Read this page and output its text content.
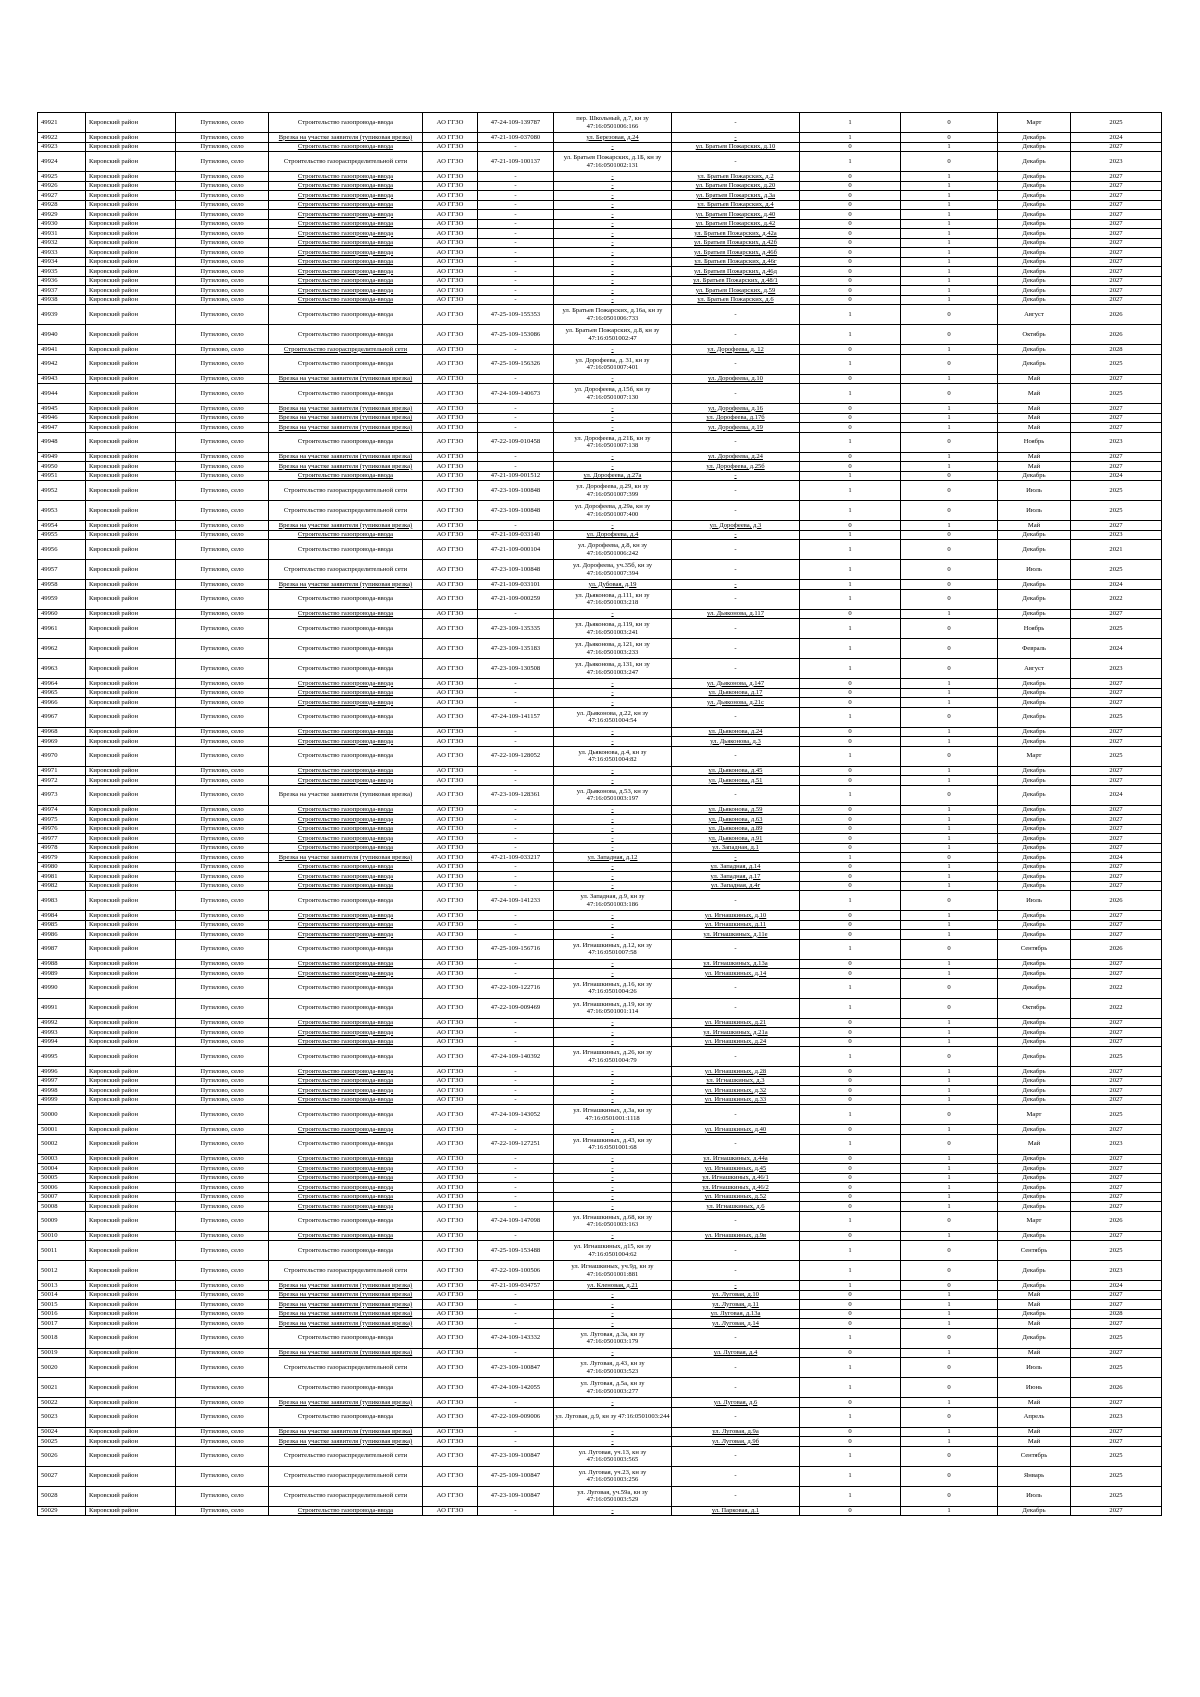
49921	Кировский район	Путилово, село	Строительство газопровода-ввода	АО ГГЗО	47-24-109-139787	пер. Школьный, д.7, кн зу 47:16:0501006:166	-	1	0	Март	2025
49922	Кировский район	Путилово, село	Врезка на участке заявителя (тупиковая врезка)	АО ГГЗО	47-21-109-037080	ул. Березовая, д.24	-	1	0	Декабрь	2024
49923	Кировский район	Путилово, село	Строительство газопровода-ввода	АО ГГЗО	-	-	ул. Братьев Пожарских, д.10	0	1	Декабрь	2027
49924	Кировский район	Путилово, село	Строительство газораспределительной сети	АО ГГЗО	47-21-109-100137	ул. Братьев Пожарских, д.1Б, кн зу 47:16:0501002:131	-	1	0	Декабрь	2023
49925	Кировский район	Путилово, село	Строительство газопровода-ввода	АО ГГЗО	-	-	ул. Братьев Пожарских, д.2	0	1	Декабрь	2027
49926	Кировский район	Путилово, село	Строительство газопровода-ввода	АО ГГЗО	-	-	ул. Братьев Пожарских, д.20	0	1	Декабрь	2027
49927	Кировский район	Путилово, село	Строительство газопровода-ввода	АО ГГЗО	-	-	ул. Братьев Пожарских, д.3а	0	1	Декабрь	2027
49928	Кировский район	Путилово, село	Строительство газопровода-ввода	АО ГГЗО	-	-	ул. Братьев Пожарских, д.4	0	1	Декабрь	2027
49929	Кировский район	Путилово, село	Строительство газопровода-ввода	АО ГГЗО	-	-	ул. Братьев Пожарских, д.40	0	1	Декабрь	2027
49930	Кировский район	Путилово, село	Строительство газопровода-ввода	АО ГГЗО	-	-	ул. Братьев Пожарских, д.42	0	1	Декабрь	2027
49931	Кировский район	Путилово, село	Строительство газопровода-ввода	АО ГГЗО	-	-	ул. Братьев Пожарских, д.42а	0	1	Декабрь	2027
49932	Кировский район	Путилово, село	Строительство газопровода-ввода	АО ГГЗО	-	-	ул. Братьев Пожарских, д.42б	0	1	Декабрь	2027
49933	Кировский район	Путилово, село	Строительство газопровода-ввода	АО ГГЗО	-	-	ул. Братьев Пожарских, д.46б	0	1	Декабрь	2027
49934	Кировский район	Путилово, село	Строительство газопровода-ввода	АО ГГЗО	-	-	ул. Братьев Пожарских, д.46г	0	1	Декабрь	2027
49935	Кировский район	Путилово, село	Строительство газопровода-ввода	АО ГГЗО	-	-	ул. Братьев Пожарских, д.46д	0	1	Декабрь	2027
49936	Кировский район	Путилово, село	Строительство газопровода-ввода	АО ГГЗО	-	-	ул. Братьев Пожарских, д.48/1	0	1	Декабрь	2027
49937	Кировский район	Путилово, село	Строительство газопровода-ввода	АО ГГЗО	-	-	ул. Братьев Пожарских, д.59	0	1	Декабрь	2027
49938	Кировский район	Путилово, село	Строительство газопровода-ввода	АО ГГЗО	-	-	ул. Братьев Пожарских, д.6	0	1	Декабрь	2027
49939	Кировский район	Путилово, село	Строительство газопровода-ввода	АО ГГЗО	47-25-109-155353	ул. Братьев Пожарских, д.16а, кн зу 47:16:0501006:733	-	1	0	Август	2026
49940	Кировский район	Путилово, село	Строительство газопровода-ввода	АО ГГЗО	47-25-109-153086	ул. Братьев Пожарских, д.8, кн зу 47:16:0501002:47	-	1	0	Октябрь	2026
49941	Кировский район	Путилово, село	Строительство газораспределительной сети	АО ГГЗО	-	-	ул. Дорофеева, д. 12	0	1	Декабрь	2028
49942	Кировский район	Путилово, село	Строительство газопровода-ввода	АО ГГЗО	47-25-109-156326	ул. Дорофеева, д. 31, кн зу 47:16:0501007:401	-	1	0	Декабрь	2025
49943	Кировский район	Путилово, село	Врезка на участке заявителя (тупиковая врезка)	АО ГГЗО	-	-	ул. Дорофеева, д.10	0	1	Май	2027
49944	Кировский район	Путилово, село	Строительство газопровода-ввода	АО ГГЗО	47-24-109-140673	ул. Дорофеева, д.15б, кн зу 47:16:0501007:130	-	1	0	Май	2025
49945	Кировский район	Путилово, село	Врезка на участке заявителя (тупиковая врезка)	АО ГГЗО	-	-	ул. Дорофеева, д.16	0	1	Май	2027
49946	Кировский район	Путилово, село	Врезка на участке заявителя (тупиковая врезка)	АО ГГЗО	-	-	ул. Дорофеева, д.17б	0	1	Май	2027
49947	Кировский район	Путилово, село	Врезка на участке заявителя (тупиковая врезка)	АО ГГЗО	-	-	ул. Дорофеева, д.19	0	1	Май	2027
49948	Кировский район	Путилово, село	Строительство газопровода-ввода	АО ГГЗО	47-22-109-010458	ул. Дорофеева, д.21Б, кн зу 47:16:0501007:138	-	1	0	Ноябрь	2023
49949	Кировский район	Путилово, село	Врезка на участке заявителя (тупиковая врезка)	АО ГГЗО	-	-	ул. Дорофеева, д.24	0	1	Май	2027
49950	Кировский район	Путилово, село	Врезка на участке заявителя (тупиковая врезка)	АО ГГЗО	-	-	ул. Дорофеева, д.25б	0	1	Май	2027
49951	Кировский район	Путилово, село	Строительство газопровода-ввода	АО ГГЗО	47-21-109-001512	ул. Дорофеева, д.27а	-	1	0	Декабрь	2024
49952	Кировский район	Путилово, село	Строительство газораспределительной сети	АО ГГЗО	47-23-109-100848	ул. Дорофеева, д.29, кн зу 47:16:0501007:399	-	1	0	Июль	2025
49953	Кировский район	Путилово, село	Строительство газораспределительной сети	АО ГГЗО	47-23-109-100848	ул. Дорофеева, д.29а, кн зу 47:16:0501007:400	-	1	0	Июль	2025
49954	Кировский район	Путилово, село	Врезка на участке заявителя (тупиковая врезка)	АО ГГЗО	-	-	ул. Дорофеева, д.3	0	1	Май	2027
49955	Кировский район	Путилово, село	Строительство газопровода-ввода	АО ГГЗО	47-21-109-033140	ул. Дорофеева, д.4	-	1	0	Декабрь	2023
49956	Кировский район	Путилово, село	Строительство газопровода-ввода	АО ГГЗО	47-21-109-000104	ул. Дорофеева, д.8, кн зу 47:16:0501006:242	-	1	0	Декабрь	2021
49957	Кировский район	Путилово, село	Строительство газораспределительной сети	АО ГГЗО	47-23-109-100848	ул. Дорофеева, уч.35б, кн зу 47:16:0501007:394	-	1	0	Июль	2025
49958	Кировский район	Путилово, село	Врезка на участке заявителя (тупиковая врезка)	АО ГГЗО	47-21-109-033101	ул. Дубовая, д.19	-	1	0	Декабрь	2024
49959	Кировский район	Путилово, село	Строительство газопровода-ввода	АО ГГЗО	47-21-109-000259	ул. Дьяконова, д.111, кн зу 47:16:0501003:218	-	1	0	Декабрь	2022
49960	Кировский район	Путилово, село	Строительство газопровода-ввода	АО ГГЗО	-	-	ул. Дьяконова, д.117	0	1	Декабрь	2027
49961	Кировский район	Путилово, село	Строительство газопровода-ввода	АО ГГЗО	47-23-109-135335	ул. Дьяконова, д.119, кн зу 47:16:0501003:241	-	1	0	Ноябрь	2025
49962	Кировский район	Путилово, село	Строительство газопровода-ввода	АО ГГЗО	47-23-109-135183	ул. Дьяконова, д.121, кн зу 47:16:0501003:233	-	1	0	Февраль	2024
49963	Кировский район	Путилово, село	Строительство газопровода-ввода	АО ГГЗО	47-23-109-130508	ул. Дьяконова, д.131, кн зу 47:16:0501003:247	-	1	0	Август	2023
49964	Кировский район	Путилово, село	Строительство газопровода-ввода	АО ГГЗО	-	-	ул. Дьяконова, д.147	0	1	Декабрь	2027
49965	Кировский район	Путилово, село	Строительство газопровода-ввода	АО ГГЗО	-	-	ул. Дьяконова, д.17	0	1	Декабрь	2027
49966	Кировский район	Путилово, село	Строительство газопровода-ввода	АО ГГЗО	-	-	ул. Дьяконова, д.21с	0	1	Декабрь	2027
49967	Кировский район	Путилово, село	Строительство газопровода-ввода	АО ГГЗО	47-24-109-141157	ул. Дьяконова, д.22, кн зу 47:16:0501004:54	-	1	0	Декабрь	2025
49968	Кировский район	Путилово, село	Строительство газопровода-ввода	АО ГГЗО	-	-	ул. Дьяконова, д.24	0	1	Декабрь	2027
49969	Кировский район	Путилово, село	Строительство газопровода-ввода	АО ГГЗО	-	-	ул. Дьяконова, д.3	0	1	Декабрь	2027
49970	Кировский район	Путилово, село	Строительство газопровода-ввода	АО ГГЗО	47-22-109-128052	ул. Дьяконова, д.4, кн зу 47:16:0501004:82	-	1	0	Март	2025
49971	Кировский район	Путилово, село	Строительство газопровода-ввода	АО ГГЗО	-	-	ул. Дьяконова, д.45	0	1	Декабрь	2027
49972	Кировский район	Путилово, село	Строительство газопровода-ввода	АО ГГЗО	-	-	ул. Дьяконова, д.51	0	1	Декабрь	2027
49973	Кировский район	Путилово, село	Врезка на участке заявителя (тупиковая врезка)	АО ГГЗО	47-23-109-128361	ул. Дьяконова, д.53, кн зу 47:16:0501003:197	-	1	0	Декабрь	2024
49974	Кировский район	Путилово, село	Строительство газопровода-ввода	АО ГГЗО	-	-	ул. Дьяконова, д.59	0	1	Декабрь	2027
49975	Кировский район	Путилово, село	Строительство газопровода-ввода	АО ГГЗО	-	-	ул. Дьяконова, д.63	0	1	Декабрь	2027
49976	Кировский район	Путилово, село	Строительство газопровода-ввода	АО ГГЗО	-	-	ул. Дьяконова, д.89	0	1	Декабрь	2027
49977	Кировский район	Путилово, село	Строительство газопровода-ввода	АО ГГЗО	-	-	ул. Дьяконова, д.91	0	1	Декабрь	2027
49978	Кировский район	Путилово, село	Строительство газопровода-ввода	АО ГГЗО	-	-	ул. Западная, д.1	0	1	Декабрь	2027
49979	Кировский район	Путилово, село	Врезка на участке заявителя (тупиковая врезка)	АО ГГЗО	47-21-109-033217	ул. Западная, д.12	-	1	0	Декабрь	2024
49980	Кировский район	Путилово, село	Строительство газопровода-ввода	АО ГГЗО	-	-	ул. Западная, д.14	0	1	Декабрь	2027
49981	Кировский район	Путилово, село	Строительство газопровода-ввода	АО ГГЗО	-	-	ул. Западная, д.17	0	1	Декабрь	2027
49982	Кировский район	Путилово, село	Строительство газопровода-ввода	АО ГГЗО	-	-	ул. Западная, д.4г	0	1	Декабрь	2027
49983	Кировский район	Путилово, село	Строительство газопровода-ввода	АО ГГЗО	47-24-109-141233	ул. Западная, д.9, кн зу 47:16:0501003:186	-	1	0	Июль	2026
49984	Кировский район	Путилово, село	Строительство газопровода-ввода	АО ГГЗО	-	-	ул. Игнашкиных, д.10	0	1	Декабрь	2027
49985	Кировский район	Путилово, село	Строительство газопровода-ввода	АО ГГЗО	-	-	ул. Игнашкиных, д.11	0	1	Декабрь	2027
49986	Кировский район	Путилово, село	Строительство газопровода-ввода	АО ГГЗО	-	-	ул. Игнашкиных, д.11е	0	1	Декабрь	2027
49987	Кировский район	Путилово, село	Строительство газопровода-ввода	АО ГГЗО	47-25-109-156716	ул. Игнашкиных, д.12, кн зу 47:16:0501007:58	-	1	0	Сентябрь	2026
49988	Кировский район	Путилово, село	Строительство газопровода-ввода	АО ГГЗО	-	-	ул. Игнашкиных, д.13а	0	1	Декабрь	2027
49989	Кировский район	Путилово, село	Строительство газопровода-ввода	АО ГГЗО	-	-	ул. Игнашкиных, д.14	0	1	Декабрь	2027
49990	Кировский район	Путилово, село	Строительство газопровода-ввода	АО ГГЗО	47-22-109-122716	ул. Игнашкиных, д.16, кн зу 47:16:0501004:26	-	1	0	Декабрь	2022
49991	Кировский район	Путилово, село	Строительство газопровода-ввода	АО ГГЗО	47-22-109-009469	ул. Игнашкиных, д.19, кн зу 47:16:0501001:114	-	1	0	Октябрь	2022
49992	Кировский район	Путилово, село	Строительство газопровода-ввода	АО ГГЗО	-	-	ул. Игнашкиных, д.21	0	1	Декабрь	2027
49993	Кировский район	Путилово, село	Строительство газопровода-ввода	АО ГГЗО	-	-	ул. Игнашкиных, д.21а	0	1	Декабрь	2027
49994	Кировский район	Путилово, село	Строительство газопровода-ввода	АО ГГЗО	-	-	ул. Игнашкиных, д.24	0	1	Декабрь	2027
49995	Кировский район	Путилово, село	Строительство газопровода-ввода	АО ГГЗО	47-24-109-140392	ул. Игнашкиных, д.26, кн зу 47:16:0501004:79	-	1	0	Декабрь	2025
49996	Кировский район	Путилово, село	Строительство газопровода-ввода	АО ГГЗО	-	-	ул. Игнашкиных, д.28	0	1	Декабрь	2027
49997	Кировский район	Путилово, село	Строительство газопровода-ввода	АО ГГЗО	-	-	ул. Игнашкиных, д.3	0	1	Декабрь	2027
49998	Кировский район	Путилово, село	Строительство газопровода-ввода	АО ГГЗО	-	-	ул. Игнашкиных, д.32	0	1	Декабрь	2027
49999	Кировский район	Путилово, село	Строительство газопровода-ввода	АО ГГЗО	-	-	ул. Игнашкиных, д.33	0	1	Декабрь	2027
50000	Кировский район	Путилово, село	Строительство газопровода-ввода	АО ГГЗО	47-24-109-143052	ул. Игнашкиных, д.3а, кн зу 47:16:0501001:1118	-	1	0	Март	2025
50001	Кировский район	Путилово, село	Строительство газопровода-ввода	АО ГГЗО	-	-	ул. Игнашкиных, д.40	0	1	Декабрь	2027
50002	Кировский район	Путилово, село	Строительство газопровода-ввода	АО ГГЗО	47-22-109-127251	ул. Игнашкиных, д.43, кн зу 47:16:0501001:68	-	1	0	Май	2023
50003	Кировский район	Путилово, село	Строительство газопровода-ввода	АО ГГЗО	-	-	ул. Игнашкиных, д.44а	0	1	Декабрь	2027
50004	Кировский район	Путилово, село	Строительство газопровода-ввода	АО ГГЗО	-	-	ул. Игнашкиных, д.45	0	1	Декабрь	2027
50005	Кировский район	Путилово, село	Строительство газопровода-ввода	АО ГГЗО	-	-	ул. Игнашкиных, д.46/1	0	1	Декабрь	2027
50006	Кировский район	Путилово, село	Строительство газопровода-ввода	АО ГГЗО	-	-	ул. Игнашкиных, д.46/2	0	1	Декабрь	2027
50007	Кировский район	Путилово, село	Строительство газопровода-ввода	АО ГГЗО	-	-	ул. Игнашкиных, д.52	0	1	Декабрь	2027
50008	Кировский район	Путилово, село	Строительство газопровода-ввода	АО ГГЗО	-	-	ул. Игнашкиных, д.6	0	1	Декабрь	2027
50009	Кировский район	Путилово, село	Строительство газопровода-ввода	АО ГГЗО	47-24-109-147098	ул. Игнашкиных, д.68, кн зу 47:16:0501003:163	-	1	0	Март	2026
50010	Кировский район	Путилово, село	Строительство газопровода-ввода	АО ГГЗО	-	-	ул. Игнашкиных, д.9в	0	1	Декабрь	2027
50011	Кировский район	Путилово, село	Строительство газопровода-ввода	АО ГГЗО	47-25-109-153488	ул. Игнашкиных, д15, кн зу 47:16:0501004:62	-	1	0	Сентябрь	2025
50012	Кировский район	Путилово, село	Строительство газораспределительной сети	АО ГГЗО	47-22-109-100506	ул. Игнашкиных, уч.9д, кн зу 47:16:0501001:881	-	1	0	Декабрь	2023
50013	Кировский район	Путилово, село	Врезка на участке заявителя (тупиковая врезка)	АО ГГЗО	47-21-109-034757	ул. Кленовая, д.21	-	1	0	Декабрь	2024
50014	Кировский район	Путилово, село	Врезка на участке заявителя (тупиковая врезка)	АО ГГЗО	-	-	ул. Луговая, д.10	0	1	Май	2027
50015	Кировский район	Путилово, село	Врезка на участке заявителя (тупиковая врезка)	АО ГГЗО	-	-	ул. Луговая, д.11	0	1	Май	2027
50016	Кировский район	Путилово, село	Врезка на участке заявителя (тупиковая врезка)	АО ГГЗО	-	-	ул. Луговая, д.13а	0	1	Декабрь	2028
50017	Кировский район	Путилово, село	Врезка на участке заявителя (тупиковая врезка)	АО ГГЗО	-	-	ул. Луговая, д.14	0	1	Май	2027
50018	Кировский район	Путилово, село	Строительство газопровода-ввода	АО ГГЗО	47-24-109-143332	ул. Луговая, д.3а, кн зу 47:16:0501003:179	-	1	0	Декабрь	2025
50019	Кировский район	Путилово, село	Врезка на участке заявителя (тупиковая врезка)	АО ГГЗО	-	-	ул. Луговая, д.4	0	1	Май	2027
50020	Кировский район	Путилово, село	Строительство газораспределительной сети	АО ГГЗО	47-23-109-100847	ул. Луговая, д.43, кн зу 47:16:0501003:523	-	1	0	Июль	2025
50021	Кировский район	Путилово, село	Строительство газопровода-ввода	АО ГГЗО	47-24-109-142055	ул. Луговая, д.5а, кн зу 47:16:0501003:277	-	1	0	Июнь	2026
50022	Кировский район	Путилово, село	Врезка на участке заявителя (тупиковая врезка)	АО ГГЗО	-	-	ул. Луговая, д.6	0	1	Май	2027
50023	Кировский район	Путилово, село	Строительство газопровода-ввода	АО ГГЗО	47-22-109-009006	ул. Луговая, д.9, кн зу 47:16:0501003:244	-	1	0	Апрель	2023
50024	Кировский район	Путилово, село	Врезка на участке заявителя (тупиковая врезка)	АО ГГЗО	-	-	ул. Луговая, д.9а	0	1	Май	2027
50025	Кировский район	Путилово, село	Врезка на участке заявителя (тупиковая врезка)	АО ГГЗО	-	-	ул. Луговая, д.9б	0	1	Май	2027
50026	Кировский район	Путилово, село	Строительство газораспределительной сети	АО ГГЗО	47-23-109-100847	ул. Луговая, уч.13, кн зу 47:16:0501003:565	-	1	0	Сентябрь	2025
50027	Кировский район	Путилово, село	Строительство газораспределительной сети	АО ГГЗО	47-25-109-100847	ул. Луговая, уч.23, кн зу 47:16:0501003:256	-	1	0	Январь	2025
50028	Кировский район	Путилово, село	Строительство газораспределительной сети	АО ГГЗО	47-23-109-100847	ул. Луговая, уч.59а, кн зу 47:16:0501003:529	-	1	0	Июль	2025
50029	Кировский район	Путилово, село	Строительство газопровода-ввода	АО ГГЗО	-	-	ул. Парковая, д.1	0	1	Декабрь	2027
